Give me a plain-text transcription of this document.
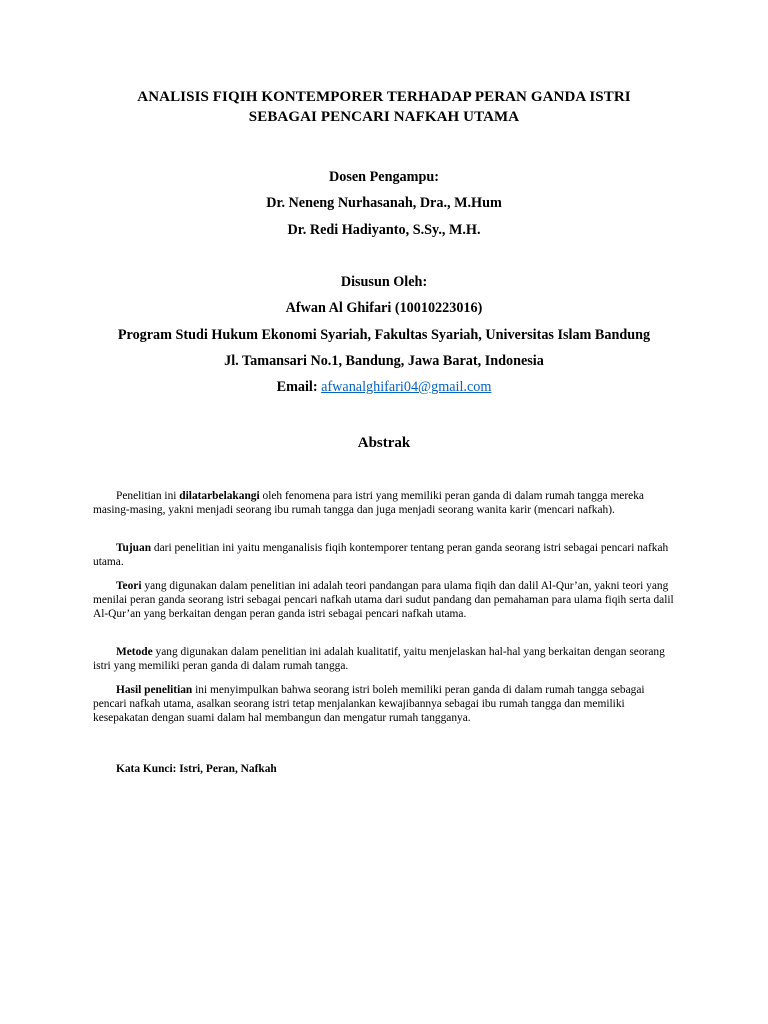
ANALISIS FIQIH KONTEMPORER TERHADAP PERAN GANDA ISTRI
SEBAGAI PENCARI NAFKAH UTAMA
Dosen Pengampu:
Dr. Neneng Nurhasanah, Dra., M.Hum
Dr. Redi Hadiyanto, S.Sy., M.H.
Disusun Oleh:
Afwan Al Ghifari (10010223016)
Program Studi Hukum Ekonomi Syariah, Fakultas Syariah, Universitas Islam Bandung
Jl. Tamansari No.1, Bandung, Jawa Barat, Indonesia
Email: afwanalghifari04@gmail.com
Abstrak

Penelitian ini dilatarbelakangi oleh fenomena para istri yang memiliki peran ganda di dalam rumah tangga mereka masing-masing, yakni menjadi seorang ibu rumah tangga dan juga menjadi seorang wanita karir (mencari nafkah).

Tujuan dari penelitian ini yaitu menganalisis fiqih kontemporer tentang peran ganda seorang istri sebagai pencari nafkah utama.

Teori yang digunakan dalam penelitian ini adalah teori pandangan para ulama fiqih dan dalil Al-Qur’an, yakni teori yang menilai peran ganda seorang istri sebagai pencari nafkah utama dari sudut pandang dan pemahaman para ulama fiqih serta dalil Al-Qur’an yang berkaitan dengan peran ganda istri sebagai pencari nafkah utama.

Metode yang digunakan dalam penelitian ini adalah kualitatif, yaitu menjelaskan hal-hal yang berkaitan dengan seorang istri yang memiliki peran ganda di dalam rumah tangga.

Hasil penelitian ini menyimpulkan bahwa seorang istri boleh memiliki peran ganda di dalam rumah tangga sebagai pencari nafkah utama, asalkan seorang istri tetap menjalankan kewajibannya sebagai ibu rumah tangga dan memiliki kesepakatan dengan suami dalam hal membangun dan mengatur rumah tangganya.

Kata Kunci: Istri, Peran, Nafkah
